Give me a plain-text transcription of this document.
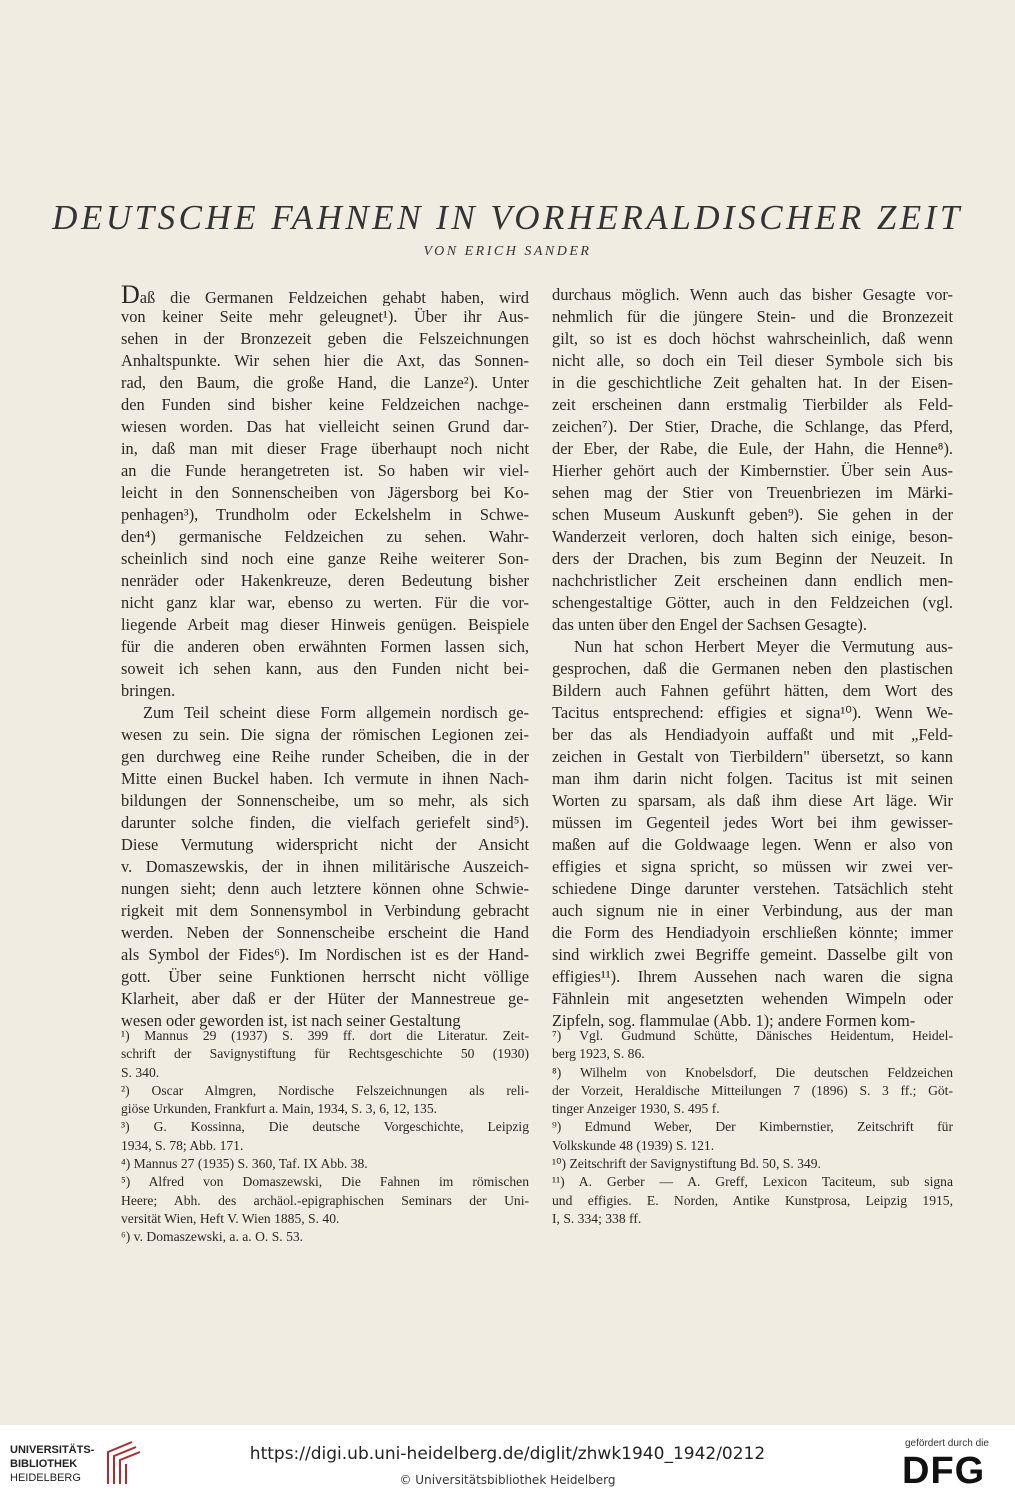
DEUTSCHE FAHNEN IN VORHERALDISCHER ZEIT
VON ERICH SANDER
Daß die Germanen Feldzeichen gehabt haben, wird
von keiner Seite mehr geleugnet¹). Über ihr Aus-
sehen in der Bronzezeit geben die Felszeichnungen
Anhaltspunkte. Wir sehen hier die Axt, das Sonnen-
rad, den Baum, die große Hand, die Lanze²). Unter
den Funden sind bisher keine Feldzeichen nachge-
wiesen worden. Das hat vielleicht seinen Grund dar-
in, daß man mit dieser Frage überhaupt noch nicht
an die Funde herangetreten ist. So haben wir viel-
leicht in den Sonnenscheiben von Jägersborg bei Ko-
penhagen³), Trundholm oder Eckelshelm in Schwe-
den⁴) germanische Feldzeichen zu sehen. Wahr-
scheinlich sind noch eine ganze Reihe weiterer Son-
nenräder oder Hakenkreuze, deren Bedeutung bisher
nicht ganz klar war, ebenso zu werten. Für die vor-
liegende Arbeit mag dieser Hinweis genügen. Beispiele
für die anderen oben erwähnten Formen lassen sich,
soweit ich sehen kann, aus den Funden nicht bei-
bringen.
Zum Teil scheint diese Form allgemein nordisch ge-
wesen zu sein. Die signa der römischen Legionen zei-
gen durchweg eine Reihe runder Scheiben, die in der
Mitte einen Buckel haben. Ich vermute in ihnen Nach-
bildungen der Sonnenscheibe, um so mehr, als sich
darunter solche finden, die vielfach geriefelt sind⁵).
Diese Vermutung widerspricht nicht der Ansicht
v. Domaszewskis, der in ihnen militärische Auszeich-
nungen sieht; denn auch letztere können ohne Schwie-
rigkeit mit dem Sonnensymbol in Verbindung gebracht
werden. Neben der Sonnenscheibe erscheint die Hand
als Symbol der Fides⁶). Im Nordischen ist es der Hand-
gott. Über seine Funktionen herrscht nicht völlige
Klarheit, aber daß er der Hüter der Mannestreue ge-
wesen oder geworden ist, ist nach seiner Gestaltung
durchaus möglich. Wenn auch das bisher Gesagte vor-
nehmlich für die jüngere Stein- und die Bronzezeit
gilt, so ist es doch höchst wahrscheinlich, daß wenn
nicht alle, so doch ein Teil dieser Symbole sich bis
in die geschichtliche Zeit gehalten hat. In der Eisen-
zeit erscheinen dann erstmalig Tierbilder als Feld-
zeichen⁷). Der Stier, Drache, die Schlange, das Pferd,
der Eber, der Rabe, die Eule, der Hahn, die Henne⁸).
Hierher gehört auch der Kimbernstier. Über sein Aus-
sehen mag der Stier von Treuenbriezen im Märki-
schen Museum Auskunft geben⁹). Sie gehen in der
Wanderzeit verloren, doch halten sich einige, beson-
ders der Drachen, bis zum Beginn der Neuzeit. In
nachchristlicher Zeit erscheinen dann endlich men-
schengestaltige Götter, auch in den Feldzeichen (vgl.
das unten über den Engel der Sachsen Gesagte).
Nun hat schon Herbert Meyer die Vermutung aus-
gesprochen, daß die Germanen neben den plastischen
Bildern auch Fahnen geführt hätten, dem Wort des
Tacitus entsprechend: effigies et signa¹⁰). Wenn We-
ber das als Hendiadyoin auffaßt und mit „Feld-
zeichen in Gestalt von Tierbildern" übersetzt, so kann
man ihm darin nicht folgen. Tacitus ist mit seinen
Worten zu sparsam, als daß ihm diese Art läge. Wir
müssen im Gegenteil jedes Wort bei ihm gewisser-
maßen auf die Goldwaage legen. Wenn er also von
effigies et signa spricht, so müssen wir zwei ver-
schiedene Dinge darunter verstehen. Tatsächlich steht
auch signum nie in einer Verbindung, aus der man
die Form des Hendiadyoin erschließen könnte; immer
sind wirklich zwei Begriffe gemeint. Dasselbe gilt von
effigies¹¹). Ihrem Aussehen nach waren die signa
Fähnlein mit angesetzten wehenden Wimpeln oder
Zipfeln, sog. flammulae (Abb. 1); andere Formen kom-
¹) Mannus 29 (1937) S. 399 ff. dort die Literatur. Zeit-
schrift der Savignystiftung für Rechtsgeschichte 50 (1930)
S. 340.
²) Oscar Almgren, Nordische Felszeichnungen als reli-
giöse Urkunden, Frankfurt a. Main, 1934, S. 3, 6, 12, 135.
³) G. Kossinna, Die deutsche Vorgeschichte, Leipzig
1934, S. 78; Abb. 171.
⁴) Mannus 27 (1935) S. 360, Taf. IX Abb. 38.
⁵) Alfred von Domaszewski, Die Fahnen im römischen
Heere; Abh. des archäol.-epigraphischen Seminars der Uni-
versität Wien, Heft V. Wien 1885, S. 40.
⁶) v. Domaszewski, a. a. O. S. 53.
⁷) Vgl. Gudmund Schütte, Dänisches Heidentum, Heidel-
berg 1923, S. 86.
⁸) Wilhelm von Knobelsdorf, Die deutschen Feldzeichen
der Vorzeit, Heraldische Mitteilungen 7 (1896) S. 3 ff.; Göt-
tinger Anzeiger 1930, S. 495 f.
⁹) Edmund Weber, Der Kimbernstier, Zeitschrift für
Volkskunde 48 (1939) S. 121.
¹⁰) Zeitschrift der Savignystiftung Bd. 50, S. 349.
¹¹) A. Gerber — A. Greff, Lexicon Taciteum, sub signa
und effigies. E. Norden, Antike Kunstprosa, Leipzig 1915,
I, S. 334; 338 ff.
UNIVERSITÄTS-
BIBLIOTHEK
HEIDELBERG
https://digi.ub.uni-heidelberg.de/diglit/zhwk1940_1942/0212
© Universitätsbibliothek Heidelberg
gefördert durch die
DFG
